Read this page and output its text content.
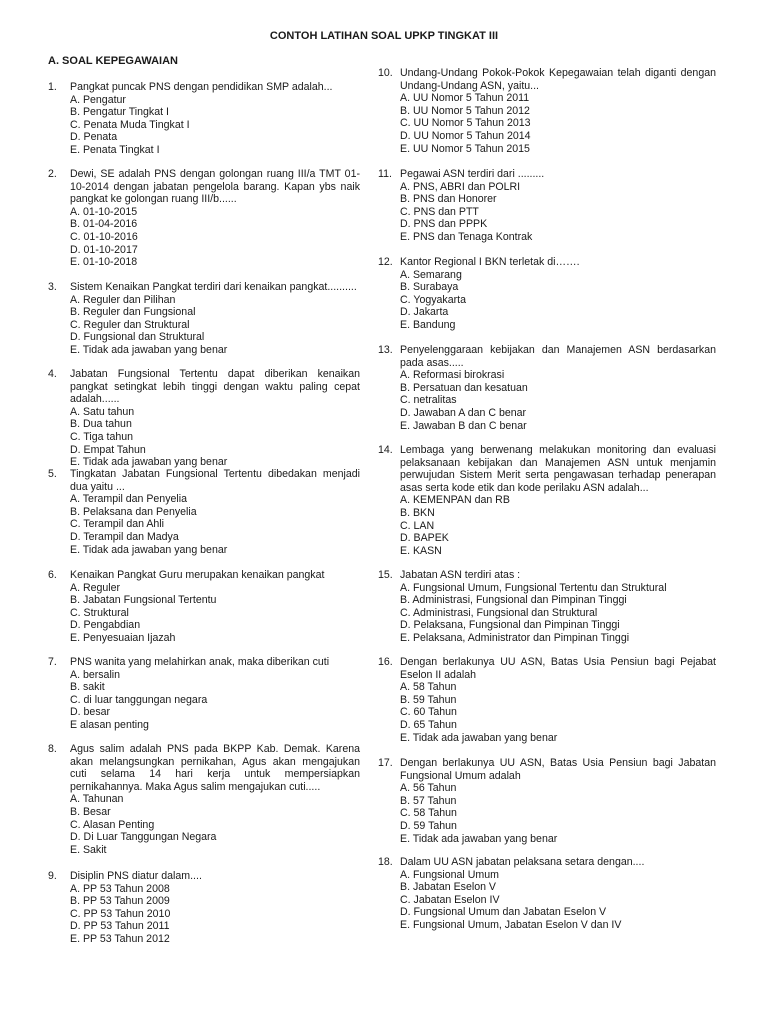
CONTOH LATIHAN SOAL UPKP TINGKAT III
A. SOAL KEPEGAWAIAN
1. Pangkat puncak PNS dengan pendidikan SMP adalah...
A. Pengatur
B. Pengatur Tingkat I
C. Penata Muda Tingkat I
D. Penata
E. Penata Tingkat I
2. Dewi, SE adalah PNS dengan golongan ruang III/a TMT 01-10-2014 dengan jabatan pengelola barang. Kapan ybs naik pangkat ke golongan ruang III/b......
A. 01-10-2015
B. 01-04-2016
C. 01-10-2016
D. 01-10-2017
E. 01-10-2018
3. Sistem Kenaikan Pangkat terdiri dari kenaikan pangkat..........
A. Reguler dan Pilihan
B. Reguler dan Fungsional
C. Reguler dan Struktural
D. Fungsional dan Struktural
E. Tidak ada jawaban yang benar
4. Jabatan Fungsional Tertentu dapat diberikan kenaikan pangkat setingkat lebih tinggi dengan waktu paling cepat adalah......
A. Satu tahun
B. Dua tahun
C. Tiga tahun
D. Empat Tahun
E. Tidak ada jawaban yang benar
5. Tingkatan Jabatan Fungsional Tertentu dibedakan menjadi dua yaitu ...
A. Terampil dan Penyelia
B. Pelaksana dan Penyelia
C. Terampil dan Ahli
D. Terampil dan Madya
E. Tidak ada jawaban yang benar
6. Kenaikan Pangkat Guru merupakan kenaikan pangkat
A. Reguler
B. Jabatan Fungsional Tertentu
C. Struktural
D. Pengabdian
E. Penyesuaian Ijazah
7. PNS wanita yang melahirkan anak, maka diberikan cuti
A. bersalin
B. sakit
C. di luar tanggungan negara
D. besar
E alasan penting
8. Agus salim adalah PNS pada BKPP Kab. Demak. Karena akan melangsungkan pernikahan, Agus akan mengajukan cuti selama 14 hari kerja untuk mempersiapkan pernikahannya. Maka Agus salim mengajukan cuti.....
A. Tahunan
B. Besar
C. Alasan Penting
D. Di Luar Tanggungan Negara
E. Sakit
9. Disiplin PNS diatur dalam....
A. PP 53 Tahun 2008
B. PP 53 Tahun 2009
C. PP 53 Tahun 2010
D. PP 53 Tahun 2011
E. PP 53 Tahun 2012
10. Undang-Undang Pokok-Pokok Kepegawaian telah diganti dengan Undang-Undang ASN, yaitu...
A. UU Nomor 5 Tahun 2011
B. UU Nomor 5 Tahun 2012
C. UU Nomor 5 Tahun 2013
D. UU Nomor 5 Tahun 2014
E. UU Nomor 5 Tahun 2015
11. Pegawai ASN terdiri dari .........
A. PNS, ABRI dan POLRI
B. PNS dan Honorer
C. PNS dan PTT
D. PNS dan PPPK
E. PNS dan Tenaga Kontrak
12. Kantor Regional I BKN terletak di…….
A. Semarang
B. Surabaya
C. Yogyakarta
D. Jakarta
E. Bandung
13. Penyelenggaraan kebijakan dan Manajemen ASN berdasarkan pada asas.....
A. Reformasi birokrasi
B. Persatuan dan kesatuan
C. netralitas
D. Jawaban A dan C benar
E. Jawaban B dan C benar
14. Lembaga yang berwenang melakukan monitoring dan evaluasi pelaksanaan kebijakan dan Manajemen ASN untuk menjamin perwujudan Sistem Merit serta pengawasan terhadap penerapan asas serta kode etik dan kode perilaku ASN adalah...
A. KEMENPAN dan RB
B. BKN
C. LAN
D. BAPEK
E. KASN
15. Jabatan ASN terdiri atas :
A. Fungsional Umum, Fungsional Tertentu dan Struktural
B. Administrasi, Fungsional dan Pimpinan Tinggi
C. Administrasi, Fungsional dan Struktural
D. Pelaksana, Fungsional dan Pimpinan Tinggi
E. Pelaksana, Administrator dan Pimpinan Tinggi
16. Dengan berlakunya UU ASN, Batas Usia Pensiun bagi Pejabat Eselon II adalah
A. 58 Tahun
B. 59 Tahun
C. 60 Tahun
D. 65 Tahun
E. Tidak ada jawaban yang benar
17. Dengan berlakunya UU ASN, Batas Usia Pensiun bagi Jabatan Fungsional Umum adalah
A. 56 Tahun
B. 57 Tahun
C. 58 Tahun
D. 59 Tahun
E. Tidak ada jawaban yang benar
18. Dalam UU ASN jabatan pelaksana setara dengan....
A. Fungsional Umum
B. Jabatan Eselon V
C. Jabatan Eselon IV
D. Fungsional Umum dan Jabatan Eselon V
E. Fungsional Umum, Jabatan Eselon V dan IV
